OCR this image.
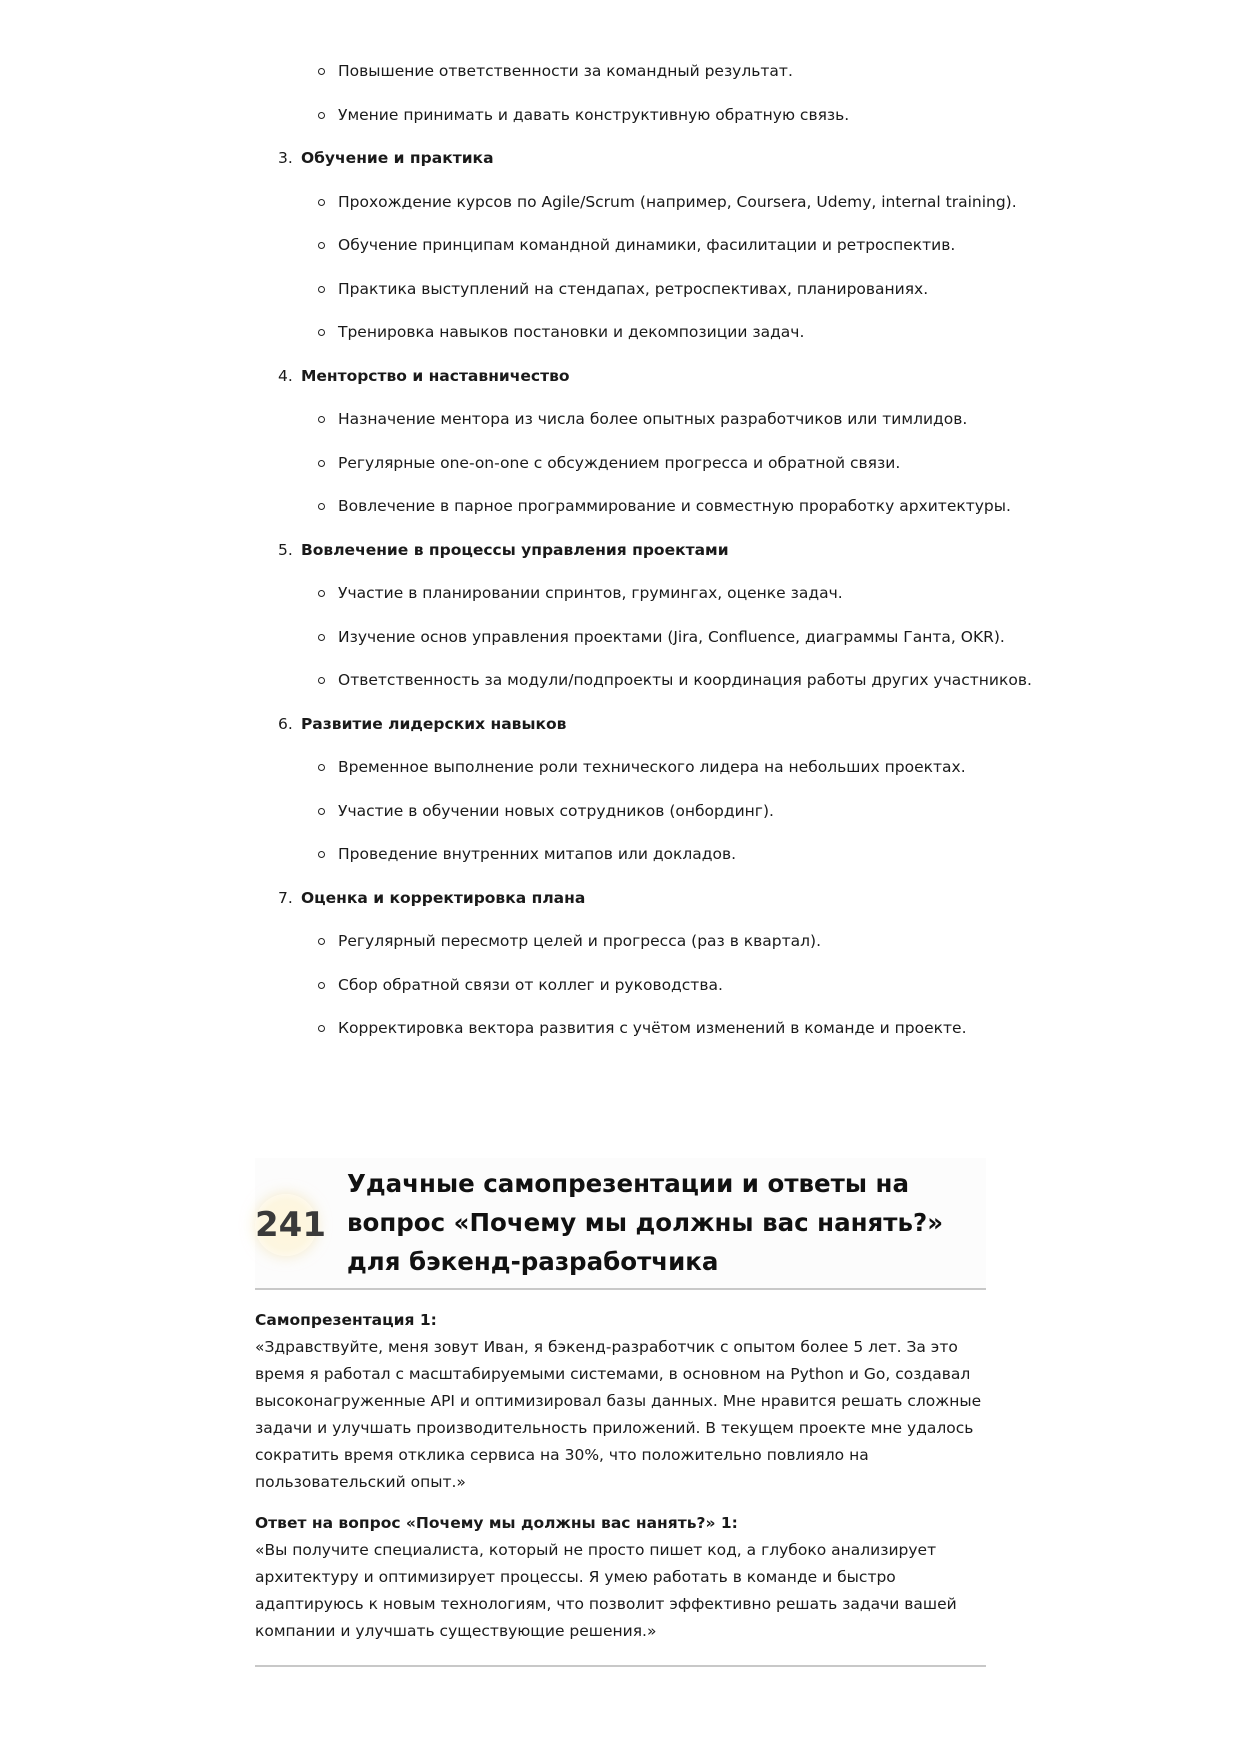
Повышение ответственности за командный результат.
Умение принимать и давать конструктивную обратную связь.
3. Обучение и практика
Прохождение курсов по Agile/Scrum (например, Coursera, Udemy, internal training).
Обучение принципам командной динамики, фасилитации и ретроспектив.
Практика выступлений на стендапах, ретроспективах, планированиях.
Тренировка навыков постановки и декомпозиции задач.
4. Менторство и наставничество
Назначение ментора из числа более опытных разработчиков или тимлидов.
Регулярные one-on-one с обсуждением прогресса и обратной связи.
Вовлечение в парное программирование и совместную проработку архитектуры.
5. Вовлечение в процессы управления проектами
Участие в планировании спринтов, грумингах, оценке задач.
Изучение основ управления проектами (Jira, Confluence, диаграммы Ганта, OKR).
Ответственность за модули/подпроекты и координация работы других участников.
6. Развитие лидерских навыков
Временное выполнение роли технического лидера на небольших проектах.
Участие в обучении новых сотрудников (онбординг).
Проведение внутренних митапов или докладов.
7. Оценка и корректировка плана
Регулярный пересмотр целей и прогресса (раз в квартал).
Сбор обратной связи от коллег и руководства.
Корректировка вектора развития с учётом изменений в команде и проекте.
241
Удачные самопрезентации и ответы на вопрос «Почему мы должны вас нанять?» для бэкенд-разработчика
Самопрезентация 1:

«Здравствуйте, меня зовут Иван, я бэкенд-разработчик с опытом более 5 лет. За это время я работал с масштабируемыми системами, в основном на Python и Go, создавал высоконагруженные API и оптимизировал базы данных. Мне нравится решать сложные задачи и улучшать производительность приложений. В текущем проекте мне удалось сократить время отклика сервиса на 30%, что положительно повлияло на пользовательский опыт.»

Ответ на вопрос «Почему мы должны вас нанять?» 1:

«Вы получите специалиста, который не просто пишет код, а глубоко анализирует архитектуру и оптимизирует процессы. Я умею работать в команде и быстро адаптируюсь к новым технологиям, что позволит эффективно решать задачи вашей компании и улучшать существующие решения.»
